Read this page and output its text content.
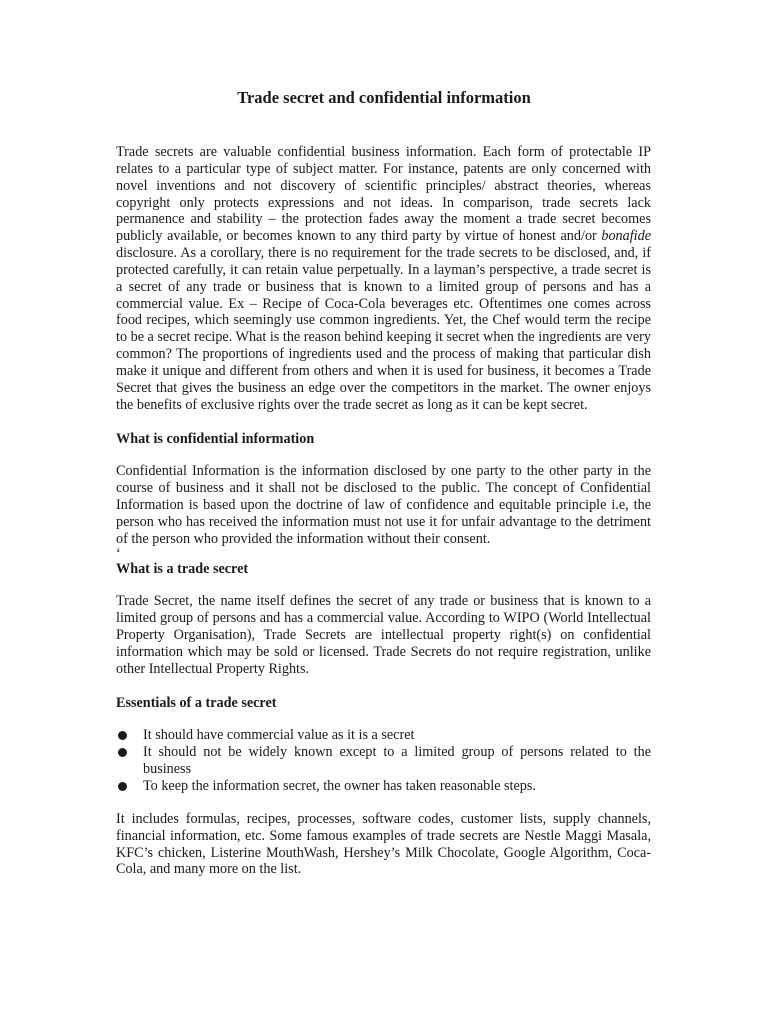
Trade secret and confidential information

Trade secrets are valuable confidential business information. Each form of protectable IP relates to a particular type of subject matter. For instance, patents are only concerned with novel inventions and not discovery of scientific principles/ abstract theories, whereas copyright only protects expressions and not ideas. In comparison, trade secrets lack permanence and stability – the protection fades away the moment a trade secret becomes publicly available, or becomes known to any third party by virtue of honest and/or bonafide disclosure. As a corollary, there is no requirement for the trade secrets to be disclosed, and, if protected carefully, it can retain value perpetually. In a layman’s perspective, a trade secret is a secret of any trade or business that is known to a limited group of persons and has a commercial value. Ex – Recipe of Coca-Cola beverages etc. Oftentimes one comes across food recipes, which seemingly use common ingredients. Yet, the Chef would term the recipe to be a secret recipe. What is the reason behind keeping it secret when the ingredients are very common? The proportions of ingredients used and the process of making that particular dish make it unique and different from others and when it is used for business, it becomes a Trade Secret that gives the business an edge over the competitors in the market. The owner enjoys the benefits of exclusive rights over the trade secret as long as it can be kept secret.

What is confidential information

Confidential Information is the information disclosed by one party to the other party in the course of business and it shall not be disclosed to the public. The concept of Confidential Information is based upon the doctrine of law of confidence and equitable principle i.e, the person who has received the information must not use it for unfair advantage to the detriment of the person who provided the information without their consent.

‘

What is a trade secret

Trade Secret, the name itself defines the secret of any trade or business that is known to a limited group of persons and has a commercial value. According to WIPO (World Intellectual Property Organisation), Trade Secrets are intellectual property right(s) on confidential information which may be sold or licensed. Trade Secrets do not require registration, unlike other Intellectual Property Rights.

Essentials of a trade secret
It should have commercial value as it is a secret
It should not be widely known except to a limited group of persons related to the business
To keep the information secret, the owner has taken reasonable steps.

It includes formulas, recipes, processes, software codes, customer lists, supply channels, financial information, etc. Some famous examples of trade secrets are Nestle Maggi Masala, KFC’s chicken, Listerine MouthWash, Hershey’s Milk Chocolate, Google Algorithm, Coca-Cola, and many more on the list.
